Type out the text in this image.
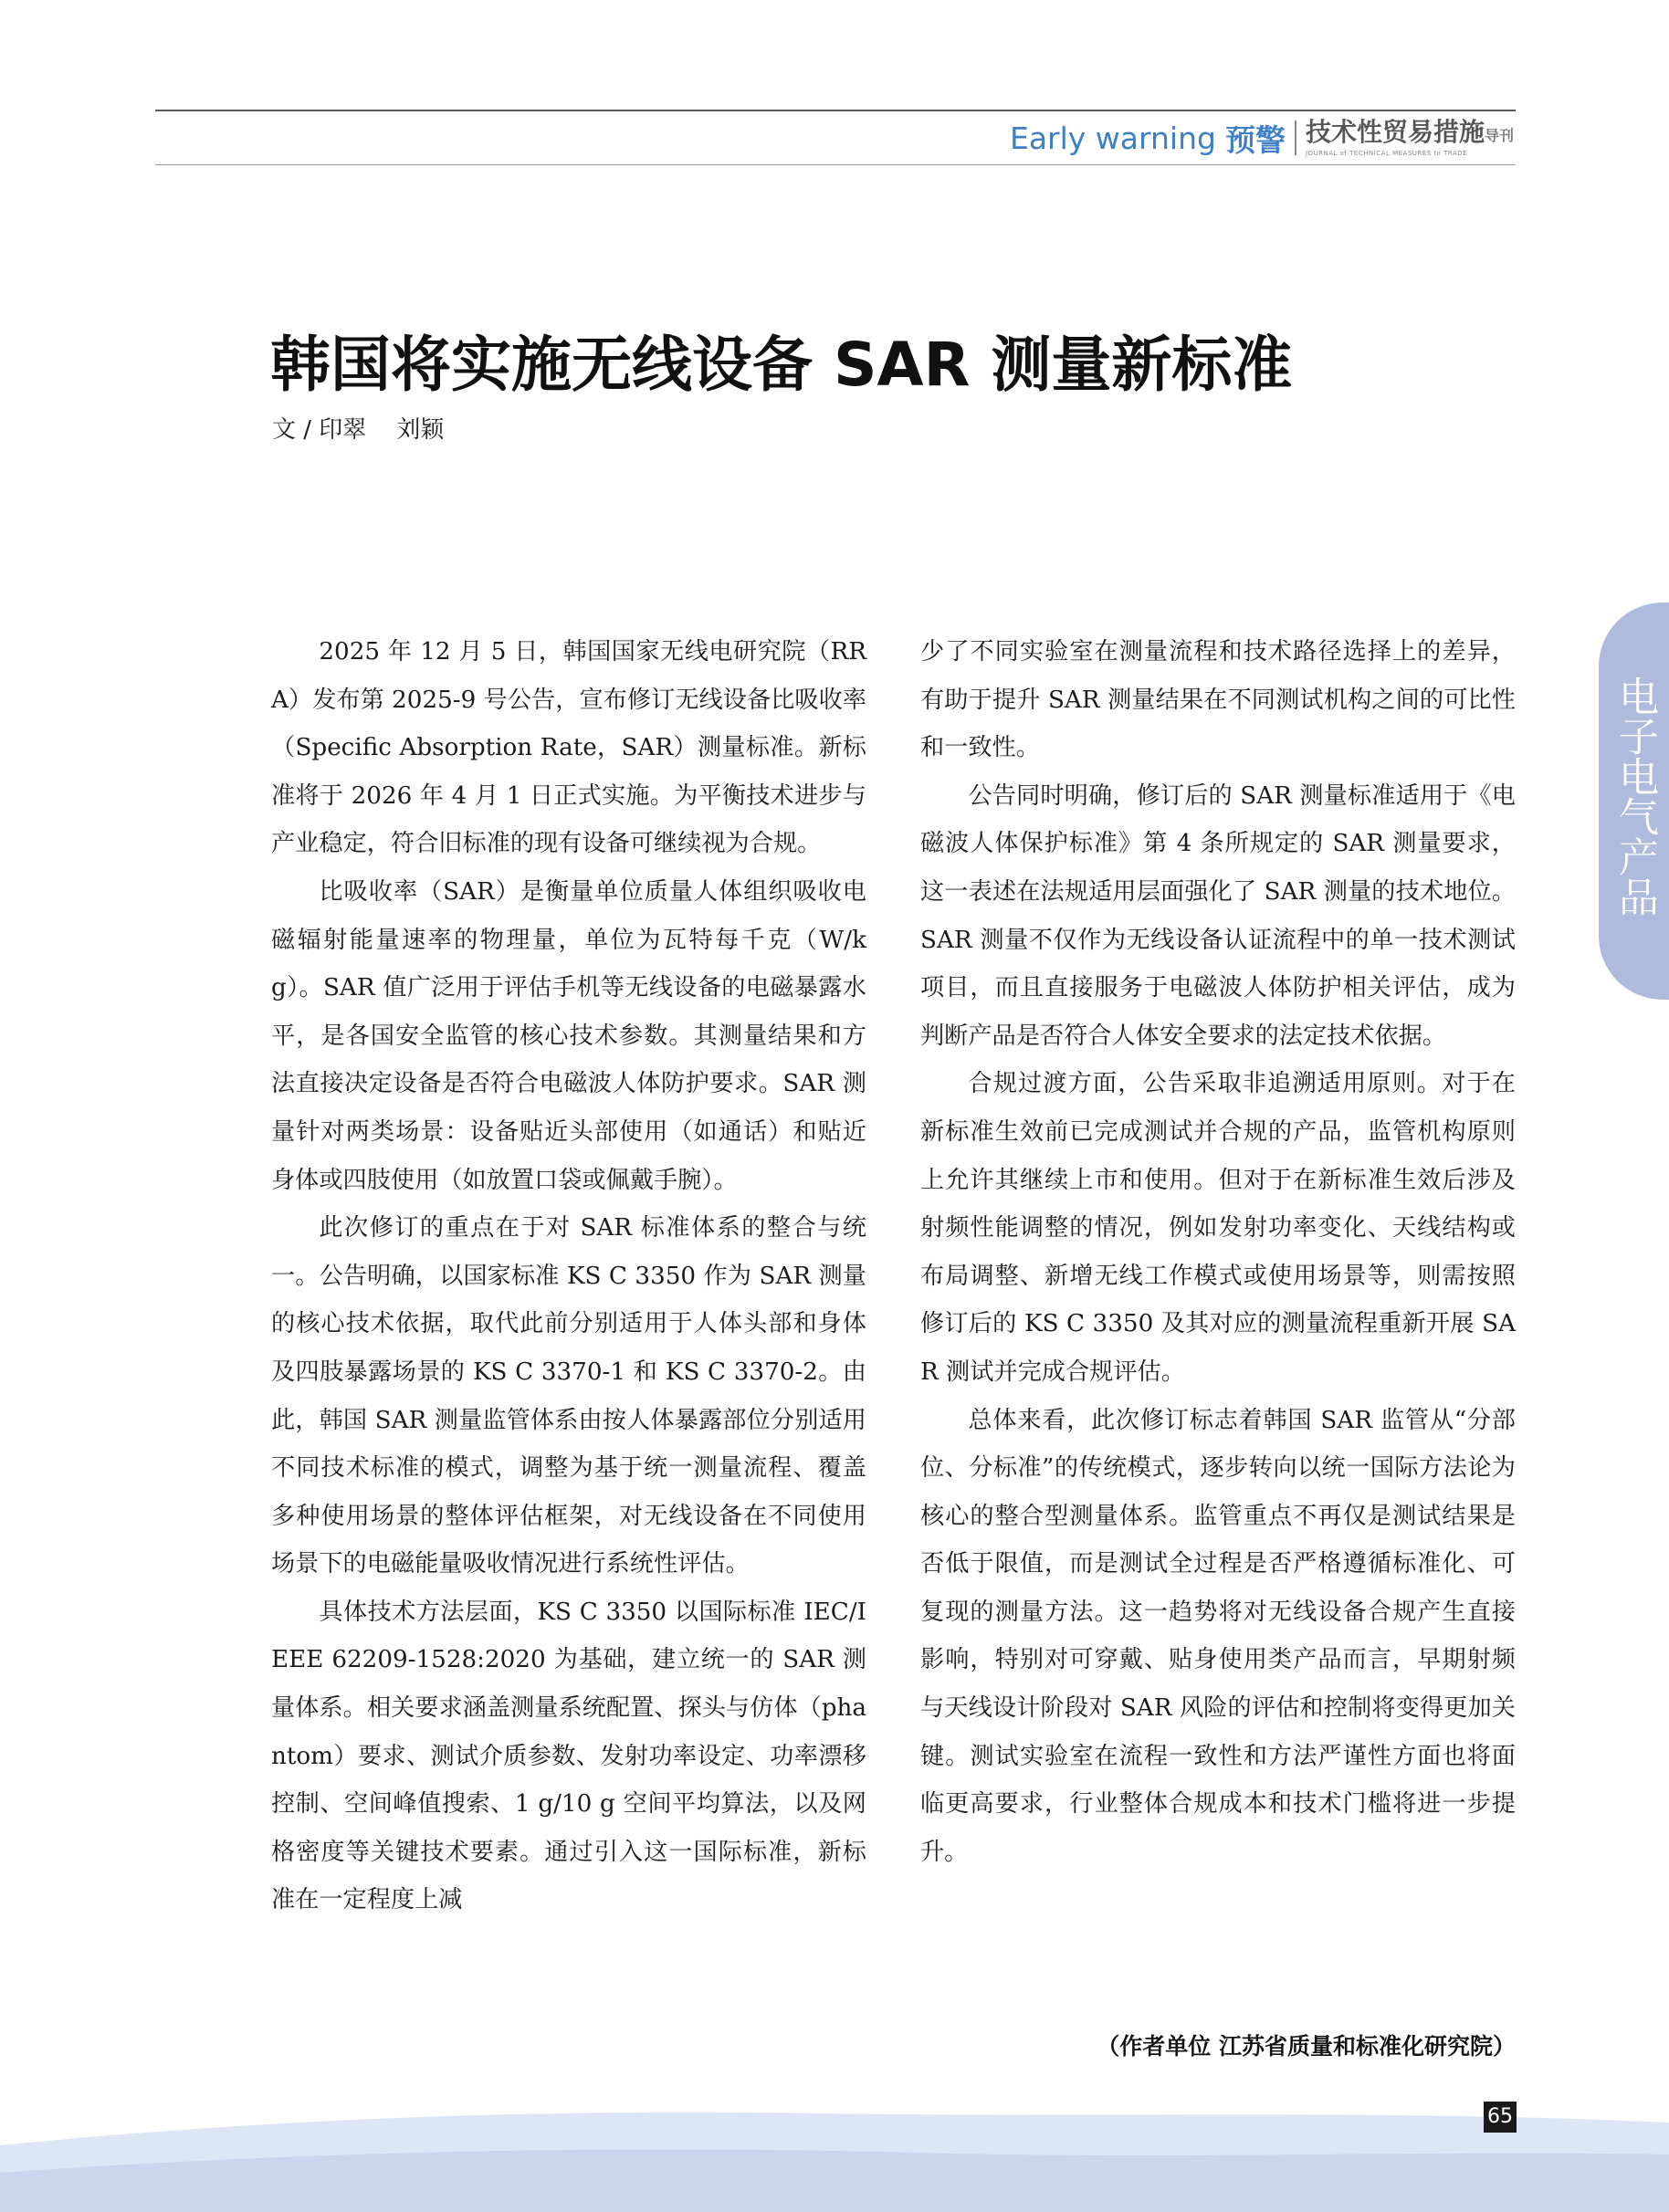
Early warning 预警 技术性贸易措施导刊
JOURNAL of TECHNICAL MEASURES to TRADE
韩国将实施无线设备 SAR 测量新标准
文 / 印翠    刘颖

2025 年 12 月 5 日，韩国国家无线电研究院（RRA）发布第 2025-9 号公告，宣布修订无线设备比吸收率（Specific Absorption Rate，SAR）测量标准。新标准将于 2026 年 4 月 1 日正式实施。为平衡技术进步与产业稳定，符合旧标准的现有设备可继续视为合规。

比吸收率（SAR）是衡量单位质量人体组织吸收电磁辐射能量速率的物理量，单位为瓦特每千克（W/kg）。SAR 值广泛用于评估手机等无线设备的电磁暴露水平，是各国安全监管的核心技术参数。其测量结果和方法直接决定设备是否符合电磁波人体防护要求。SAR 测量针对两类场景：设备贴近头部使用（如通话）和贴近身体或四肢使用（如放置口袋或佩戴手腕）。

此次修订的重点在于对 SAR 标准体系的整合与统一。公告明确，以国家标准 KS C 3350 作为 SAR 测量的核心技术依据，取代此前分别适用于人体头部和身体及四肢暴露场景的 KS C 3370-1 和 KS C 3370-2。由此，韩国 SAR 测量监管体系由按人体暴露部位分别适用不同技术标准的模式，调整为基于统一测量流程、覆盖多种使用场景的整体评估框架，对无线设备在不同使用场景下的电磁能量吸收情况进行系统性评估。

具体技术方法层面，KS C 3350 以国际标准 IEC/IEEE 62209-1528:2020 为基础，建立统一的 SAR 测量体系。相关要求涵盖测量系统配置、探头与仿体（phantom）要求、测试介质参数、发射功率设定、功率漂移控制、空间峰值搜索、1 g/10 g 空间平均算法，以及网格密度等关键技术要素。通过引入这一国际标准，新标准在一定程度上减

少了不同实验室在测量流程和技术路径选择上的差异，有助于提升 SAR 测量结果在不同测试机构之间的可比性和一致性。

公告同时明确，修订后的 SAR 测量标准适用于《电磁波人体保护标准》第 4 条所规定的 SAR 测量要求，这一表述在法规适用层面强化了 SAR 测量的技术地位。SAR 测量不仅作为无线设备认证流程中的单一技术测试项目，而且直接服务于电磁波人体防护相关评估，成为判断产品是否符合人体安全要求的法定技术依据。

合规过渡方面，公告采取非追溯适用原则。对于在新标准生效前已完成测试并合规的产品，监管机构原则上允许其继续上市和使用。但对于在新标准生效后涉及射频性能调整的情况，例如发射功率变化、天线结构或布局调整、新增无线工作模式或使用场景等，则需按照修订后的 KS C 3350 及其对应的测量流程重新开展 SAR 测试并完成合规评估。

总体来看，此次修订标志着韩国 SAR 监管从“分部位、分标准”的传统模式，逐步转向以统一国际方法论为核心的整合型测量体系。监管重点不再仅是测试结果是否低于限值，而是测试全过程是否严格遵循标准化、可复现的测量方法。这一趋势将对无线设备合规产生直接影响，特别对可穿戴、贴身使用类产品而言，早期射频与天线设计阶段对 SAR 风险的评估和控制将变得更加关键。测试实验室在流程一致性和方法严谨性方面也将面临更高要求，行业整体合规成本和技术门槛将进一步提升。

（作者单位 江苏省质量和标准化研究院）
电子电气产品
65
